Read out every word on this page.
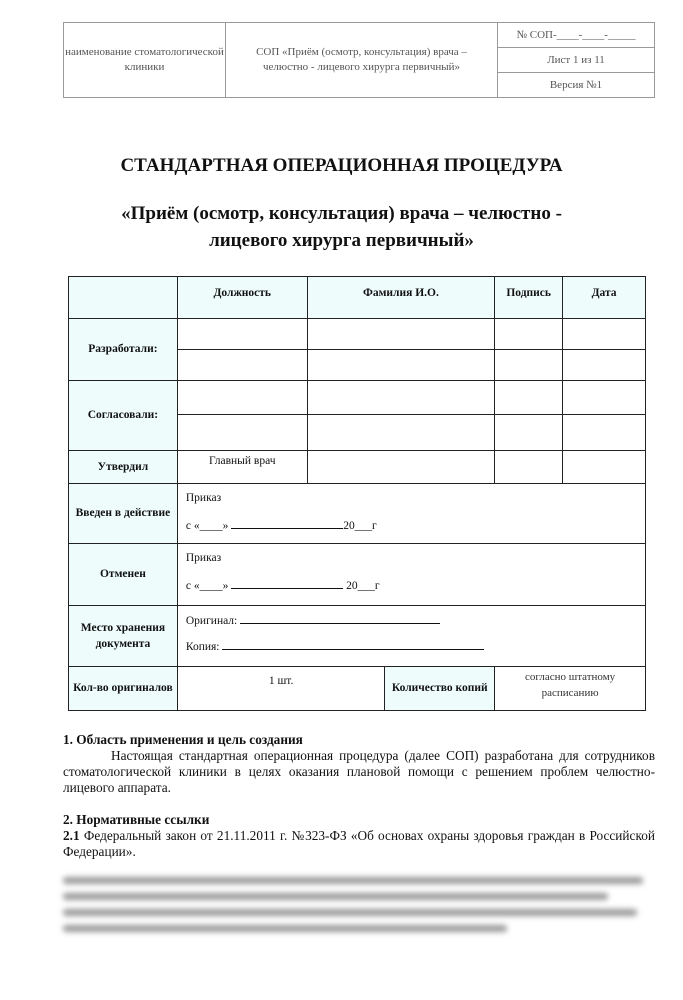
наименование стоматологической клиники	СОП «Приём (осмотр, консультация) врача – челюстно - лицевого хирурга первичный»	№ СОП-____-____-_____
Лист 1 из 11
Версия №1
СТАНДАРТНАЯ ОПЕРАЦИОННАЯ ПРОЦЕДУРА
«Приём (осмотр, консультация) врача – челюстно -
лицевого хирурга первичный»
	Должность	Фамилия И.О.		Подпись	Дата
Разработали:					

Согласовали:					

Утвердил	Главный врач				
Введен в действие	Приказ
с «____» 20___г				

Отменен	Приказ
с «____» 20___г				

Место хранения документа	Оригинал:
Копия:				

Кол-во оригиналов	1 шт.		Количество копий	согласно штатному расписанию	

1. Область применения и цель создания

Настоящая стандартная операционная процедура (далее СОП) разработана для сотрудников стоматологической клиники в целях оказания плановой помощи с решением проблем челюстно-лицевого аппарата.

2. Нормативные ссылки

2.1 Федеральный закон от 21.11.2011 г. №323-ФЗ «Об основах охраны здоровья граждан в Российской Федерации».
